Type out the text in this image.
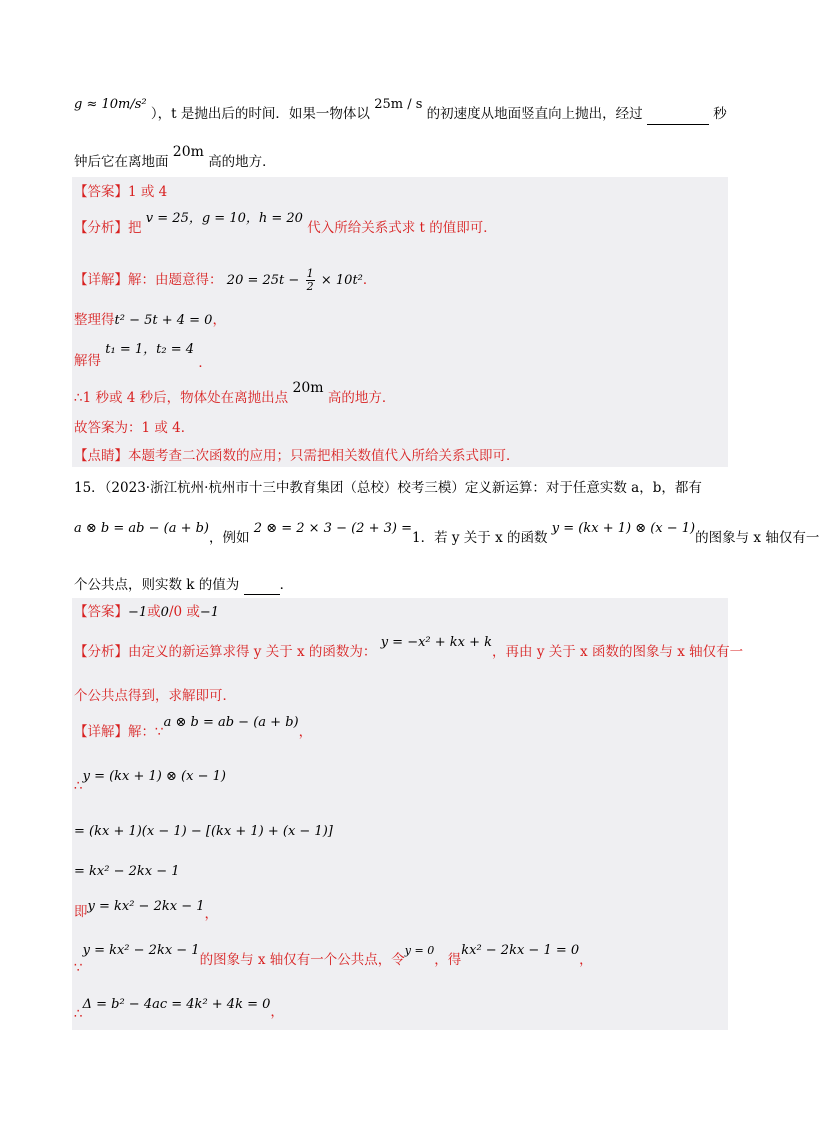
g ≈ 10m/s² ），t 是抛出后的时间．如果一物体以 25m / s 的初速度从地面竖直向上抛出，经过	秒
钟后它在离地面 20m 高的地方．
【答案】1 或 4
【分析】把 v = 25，g = 10，h = 20 代入所给关系式求 t 的值即可．
【详解】解：由题意得： $20 = 25t - \frac{1}{2} \times 10t^2$．
整理得t² − 5t + 4 = 0，
解得 t₁ = 1，t₂ = 4 ．
∴1 秒或 4 秒后，物体处在离抛出点 20m 高的地方．
故答案为：1 或 4．
【点睛】本题考查二次函数的应用；只需把相关数值代入所给关系式即可．
15．（2023·浙江杭州·杭州市十三中教育集团（总校）校考三模）定义新运算：对于任意实数 a，b，都有
a ⊗ b = ab − (a + b)，例如 2 ⊗ = 2 × 3 − (2 + 3) =1．若 y 关于 x 的函数 y = (kx + 1) ⊗ (x − 1)的图象与 x 轴仅有一
个公共点，则实数 k 的值为	．
【答案】−1或0/0 或−1
【分析】由定义的新运算求得 y 关于 x 的函数为： y = −x² + kx + k，再由 y 关于 x 函数的图象与 x 轴仅有一
个公共点得到，求解即可．
【详解】解：∵a ⊗ b = ab − (a + b)，
∴y = (kx + 1) ⊗ (x − 1)
= (kx + 1)(x − 1) − [(kx + 1) + (x − 1)]
= kx² − 2kx − 1
即y = kx² − 2kx − 1，
∵y = kx² − 2kx − 1的图象与 x 轴仅有一个公共点，令$^{y = 0}$，得kx² − 2kx − 1 = 0，
∴Δ = b² − 4ac = 4k² + 4k = 0，
